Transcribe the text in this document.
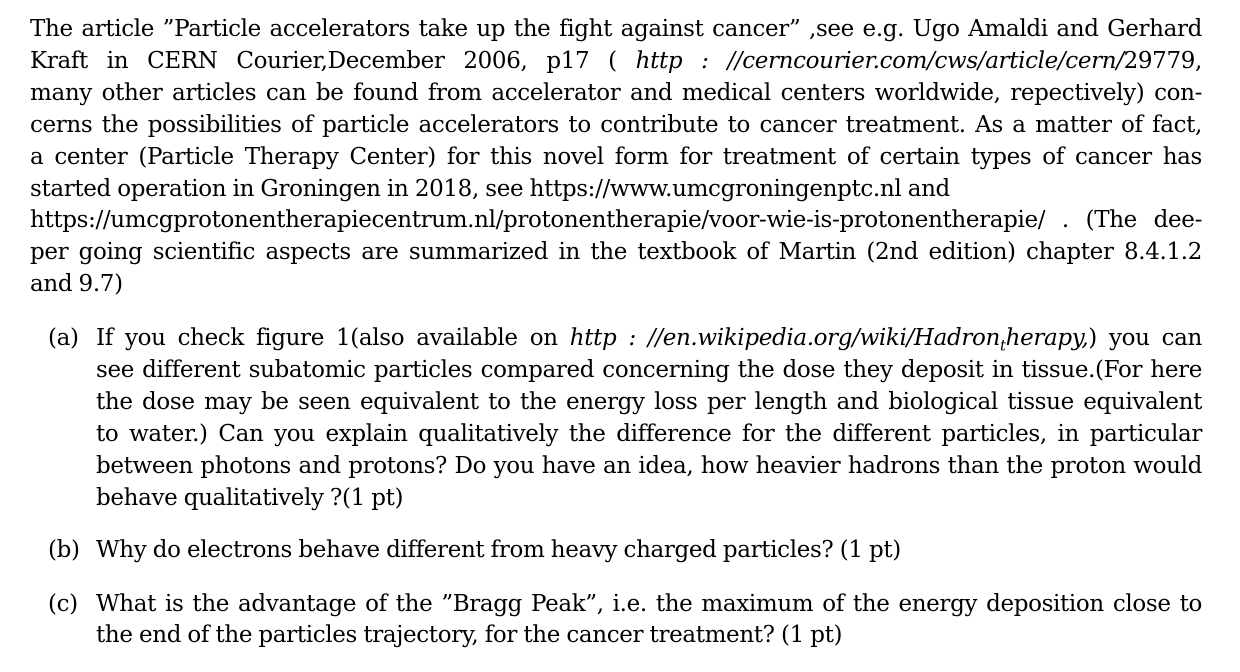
The article ”Particle accelerators take up the fight against cancer” ,see e.g. Ugo Amaldi and Gerhard
Kraft in CERN Courier,December 2006, p17 ( http : //cerncourier.com/cws/article/cern/29779,
many other articles can be found from accelerator and medical centers worldwide, repectively) con-
cerns the possibilities of particle accelerators to contribute to cancer treatment. As a matter of fact,
a center (Particle Therapy Center) for this novel form for treatment of certain types of cancer has
started operation in Groningen in 2018, see https://www.umcgroningenptc.nl and
https://umcgprotonentherapiecentrum.nl/protonentherapie/voor-wie-is-protonentherapie/ . (The dee-
per going scientific aspects are summarized in the textbook of Martin (2nd edition) chapter 8.4.1.2
and 9.7)
(a) If you check figure 1(also available on http : //en.wikipedia.org/wiki/Hadron$_t$herapy,) you can
see different subatomic particles compared concerning the dose they deposit in tissue.(For here
the dose may be seen equivalent to the energy loss per length and biological tissue equivalent
to water.) Can you explain qualitatively the difference for the different particles, in particular
between photons and protons? Do you have an idea, how heavier hadrons than the proton would
behave qualitatively ?(1 pt)
(b) Why do electrons behave different from heavy charged particles? (1 pt)
(c) What is the advantage of the ”Bragg Peak”, i.e. the maximum of the energy deposition close to
the end of the particles trajectory, for the cancer treatment? (1 pt)
